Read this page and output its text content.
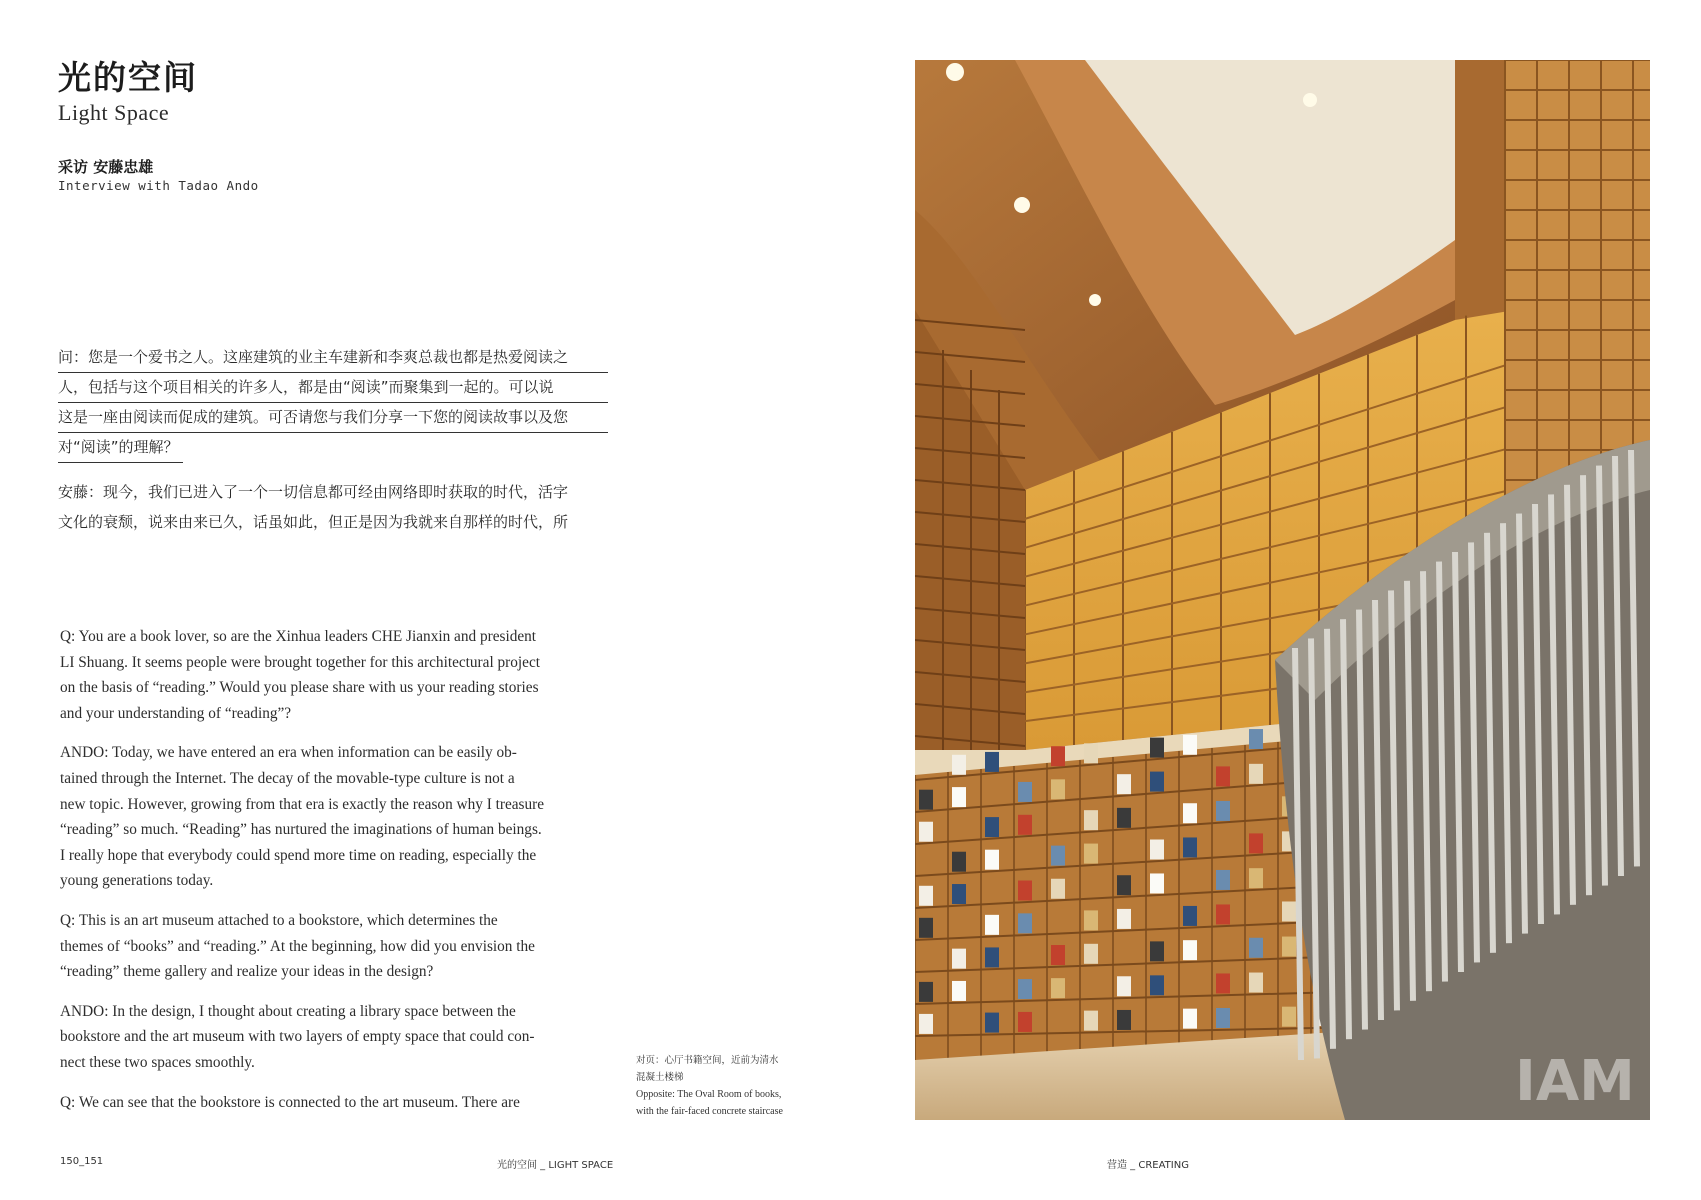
光的空间
Light Space
采访 安藤忠雄
Interview with Tadao Ando
问：您是一个爱书之人。这座建筑的业主车建新和李爽总裁也都是热爱阅读之
人，包括与这个项目相关的许多人，都是由“阅读”而聚集到一起的。可以说
这是一座由阅读而促成的建筑。可否请您与我们分享一下您的阅读故事以及您
对“阅读”的理解？
安藤：现今，我们已进入了一个一切信息都可经由网络即时获取的时代，活字
文化的衰颓，说来由来已久，话虽如此，但正是因为我就来自那样的时代，所
Q: You are a book lover, so are the Xinhua leaders CHE Jianxin and president
LI Shuang. It seems people were brought together for this architectural project
on the basis of “reading.” Would you please share with us your reading stories
and your understanding of “reading”?
ANDO: Today, we have entered an era when information can be easily ob-
tained through the Internet. The decay of the movable-type culture is not a
new topic. However, growing from that era is exactly the reason why I treasure
“reading” so much. “Reading” has nurtured the imaginations of human beings.
I really hope that everybody could spend more time on reading, especially the
young generations today.
Q: This is an art museum attached to a bookstore, which determines the
themes of “books” and “reading.” At the beginning, how did you envision the
“reading” theme gallery and realize your ideas in the design?
ANDO: In the design, I thought about creating a library space between the
bookstore and the art museum with two layers of empty space that could con-
nect these two spaces smoothly.
Q: We can see that the bookstore is connected to the art museum. There are
对页：心厅书籍空间，近前为清水
混凝土楼梯
Opposite: The Oval Room of books,
with the fair-faced concrete staircase
150_151	光的空间 _ LIGHT SPACE	营造 _ CREATING
IAM
